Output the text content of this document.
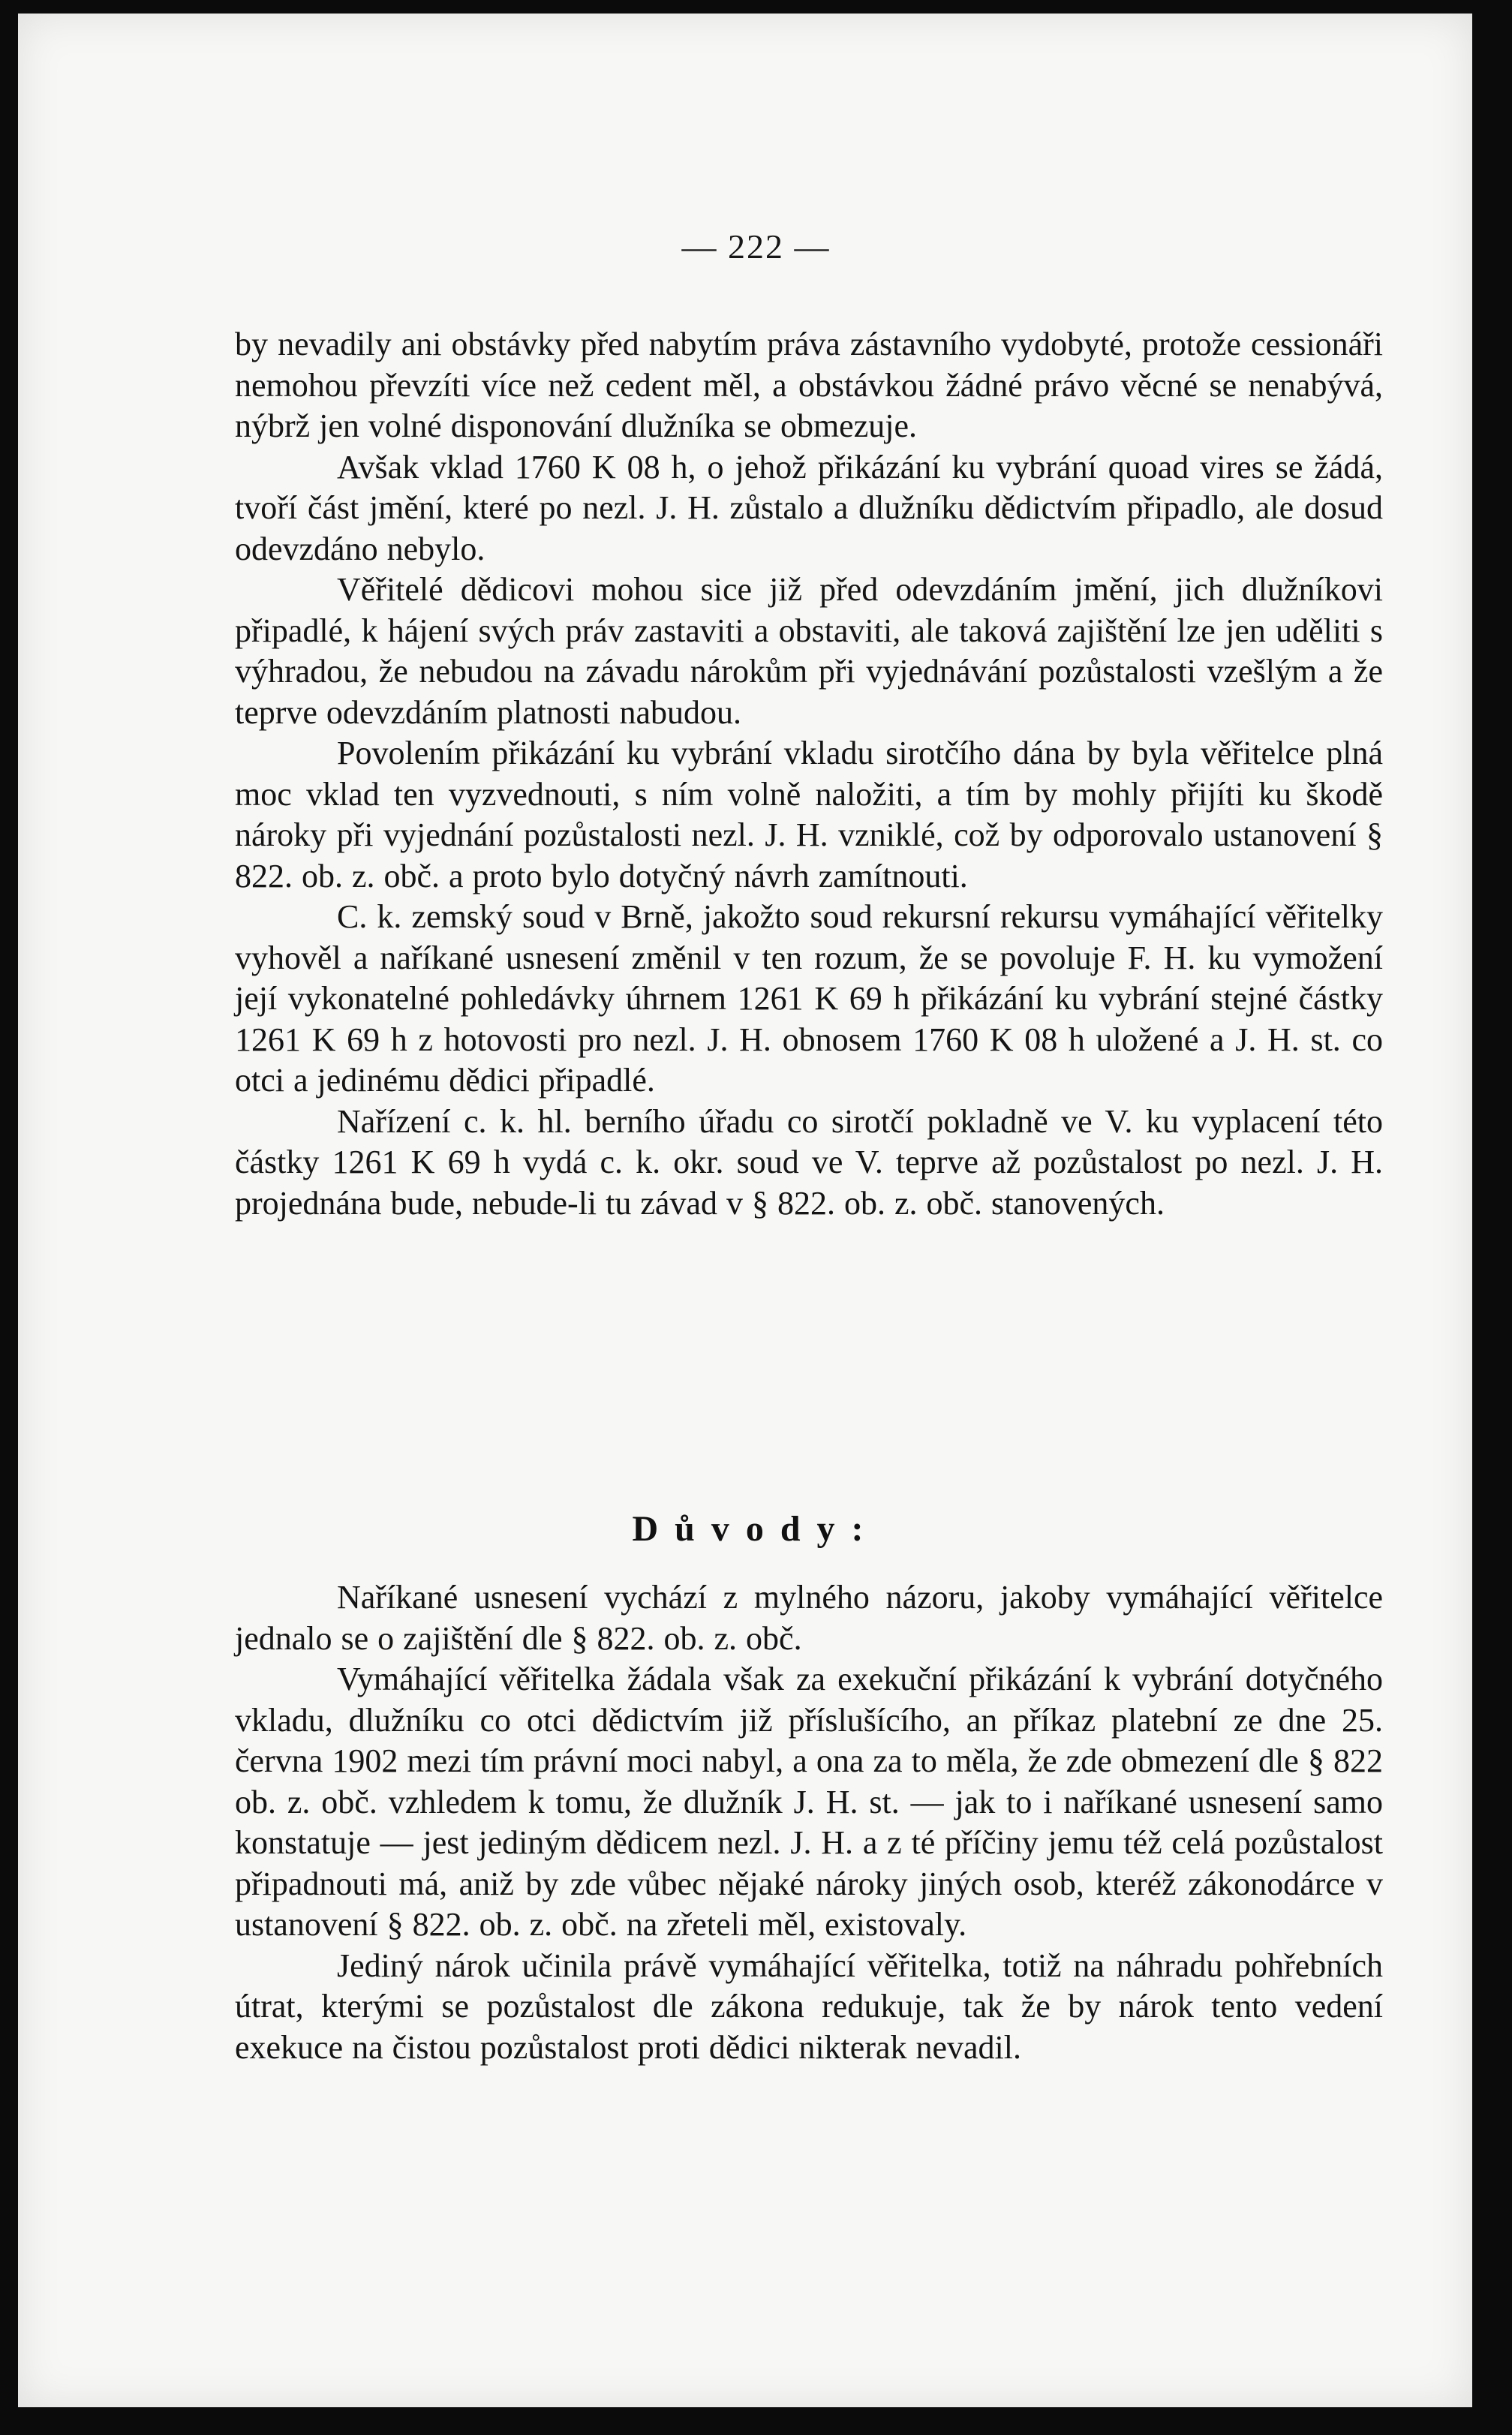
— 222 —

by nevadily ani obstávky před nabytím práva zástavního vydobyté, protože cessionáři nemohou převzíti více než cedent měl, a obstávkou žádné právo věcné se nenabývá, nýbrž jen volné disponování dlužníka se obmezuje.

Avšak vklad 1760 K 08 h, o jehož přikázání ku vybrání quoad vires se žádá, tvoří část jmění, které po nezl. J. H. zůstalo a dlužníku dědictvím připadlo, ale dosud odevzdáno nebylo.

Věřitelé dědicovi mohou sice již před odevzdáním jmění, jich dlužníkovi připadlé, k hájení svých práv zastaviti a obstaviti, ale taková zajištění lze jen uděliti s výhradou, že nebudou na závadu nárokům při vyjednávání pozůstalosti vzešlým a že teprve odevzdáním platnosti nabudou.

Povolením přikázání ku vybrání vkladu sirotčího dána by byla věřitelce plná moc vklad ten vyzvednouti, s ním volně naložiti, a tím by mohly přijíti ku škodě nároky při vyjednání pozůstalosti nezl. J. H. vzniklé, což by odporovalo ustanovení § 822. ob. z. obč. a proto bylo dotyčný návrh zamítnouti.

C. k. zemský soud v Brně, jakožto soud rekursní rekursu vymáhající věřitelky vyhověl a naříkané usnesení změnil v ten rozum, že se povoluje F. H. ku vymožení její vykonatelné pohledávky úhrnem 1261 K 69 h přikázání ku vybrání stejné částky 1261 K 69 h z hotovosti pro nezl. J. H. obnosem 1760 K 08 h uložené a J. H. st. co otci a jedinému dědici připadlé.

Nařízení c. k. hl. berního úřadu co sirotčí pokladně ve V. ku vyplacení této částky 1261 K 69 h vydá c. k. okr. soud ve V. teprve až pozůstalost po nezl. J. H. projednána bude, nebude-li tu závad v § 822. ob. z. obč. stanovených.

Důvody:

Naříkané usnesení vychází z mylného názoru, jakoby vymáhající věřitelce jednalo se o zajištění dle § 822. ob. z. obč.

Vymáhající věřitelka žádala však za exekuční přikázání k vybrání dotyčného vkladu, dlužníku co otci dědictvím již příslušícího, an příkaz platební ze dne 25. června 1902 mezi tím právní moci nabyl, a ona za to měla, že zde obmezení dle § 822 ob. z. obč. vzhledem k tomu, že dlužník J. H. st. — jak to i naříkané usnesení samo konstatuje — jest jediným dědicem nezl. J. H. a z té příčiny jemu též celá pozůstalost připadnouti má, aniž by zde vůbec nějaké nároky jiných osob, kteréž zákonodárce v ustanovení § 822. ob. z. obč. na zřeteli měl, existovaly.

Jediný nárok učinila právě vymáhající věřitelka, totiž na náhradu pohřebních útrat, kterými se pozůstalost dle zákona redukuje, tak že by nárok tento vedení exekuce na čistou pozůstalost proti dědici nikterak nevadil.
